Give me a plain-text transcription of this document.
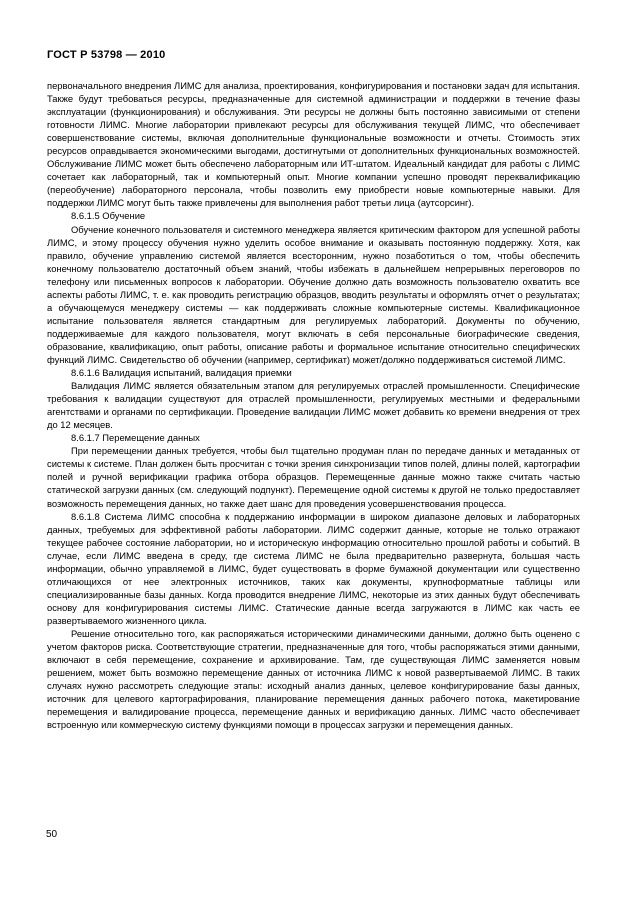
ГОСТ Р 53798 — 2010

первоначального внедрения ЛИМС для анализа, проектирования, конфигурирования и постановки задач для испытания. Также будут требоваться ресурсы, предназначенные для системной администрации и поддержки в течение фазы эксплуатации (функционирования) и обслуживания. Эти ресурсы не должны быть постоянно зависимыми от степени готовности ЛИМС. Многие лаборатории привлекают ресурсы для обслуживания текущей ЛИМС, что обеспечивает совершенствование системы, включая дополнительные функциональные возможности и отчеты. Стоимость этих ресурсов оправдывается экономическими выгодами, достигнутыми от дополнительных функциональных возможностей. Обслуживание ЛИМС может быть обеспечено лабораторным или ИТ-штатом. Идеальный кандидат для работы с ЛИМС сочетает как лабораторный, так и компьютерный опыт. Многие компании успешно проводят переквалификацию (переобучение) лабораторного персонала, чтобы позволить ему приобрести новые компьютерные навыки. Для поддержки ЛИМС могут быть также привлечены для выполнения работ третьи лица (аутсорсинг).

8.6.1.5 Обучение

Обучение конечного пользователя и системного менеджера является критическим фактором для успешной работы ЛИМС, и этому процессу обучения нужно уделить особое внимание и оказывать постоянную поддержку. Хотя, как правило, обучение управлению системой является всесторонним, нужно позаботиться о том, чтобы обеспечить конечному пользователю достаточный объем знаний, чтобы избежать в дальнейшем непрерывных переговоров по телефону или письменных вопросов к лаборатории. Обучение должно дать возможность пользователю охватить все аспекты работы ЛИМС, т. е. как проводить регистрацию образцов, вводить результаты и оформлять отчет о результатах; а обучающемуся менеджеру системы — как поддерживать сложные компьютерные системы. Квалификационное испытание пользователя является стандартным для регулируемых лабораторий. Документы по обучению, поддерживаемые для каждого пользователя, могут включать в себя персональные биографические сведения, образование, квалификацию, опыт работы, описание работы и формальное испытание относительно специфических функций ЛИМС. Свидетельство об обучении (например, сертификат) может/должно поддерживаться системой ЛИМС.

8.6.1.6 Валидация испытаний, валидация приемки

Валидация ЛИМС является обязательным этапом для регулируемых отраслей промышленности. Специфические требования к валидации существуют для отраслей промышленности, регулируемых местными и федеральными агентствами и органами по сертификации. Проведение валидации ЛИМС может добавить ко времени внедрения от трех до 12 месяцев.

8.6.1.7 Перемещение данных

При перемещении данных требуется, чтобы был тщательно продуман план по передаче данных и метаданных от системы к системе. План должен быть просчитан с точки зрения синхронизации типов полей, длины полей, картографии полей и ручной верификации графика отбора образцов. Перемещенные данные можно также считать частью статической загрузки данных (см. следующий подпункт). Перемещение одной системы к другой не только предоставляет возможность перемещения данных, но также дает шанс для проведения усовершенствования процесса.

8.6.1.8 Система ЛИМС способна к поддержанию информации в широком диапазоне деловых и лабораторных данных, требуемых для эффективной работы лаборатории. ЛИМС содержит данные, которые не только отражают текущее рабочее состояние лаборатории, но и историческую информацию относительно прошлой работы и событий. В случае, если ЛИМС введена в среду, где система ЛИМС не была предварительно развернута, большая часть информации, обычно управляемой в ЛИМС, будет существовать в форме бумажной документации или существенно отличающихся от нее электронных источников, таких как документы, крупноформатные таблицы или специализированные базы данных. Когда проводится внедрение ЛИМС, некоторые из этих данных будут обеспечивать основу для конфигурирования системы ЛИМС. Статические данные всегда загружаются в ЛИМС как часть ее развертываемого жизненного цикла.

Решение относительно того, как распоряжаться историческими динамическими данными, должно быть оценено с учетом факторов риска. Соответствующие стратегии, предназначенные для того, чтобы распоряжаться этими данными, включают в себя перемещение, сохранение и архивирование. Там, где существующая ЛИМС заменяется новым решением, может быть возможно перемещение данных от источника ЛИМС к новой развертываемой ЛИМС. В таких случаях нужно рассмотреть следующие этапы: исходный анализ данных, целевое конфигурирование базы данных, источник для целевого картографирования, планирование перемещения данных рабочего потока, макетирование перемещения и валидирование процесса, перемещение данных и верификацию данных. ЛИМС часто обеспечивает встроенную или коммерческую систему функциями помощи в процессах загрузки и перемещения данных.

50
